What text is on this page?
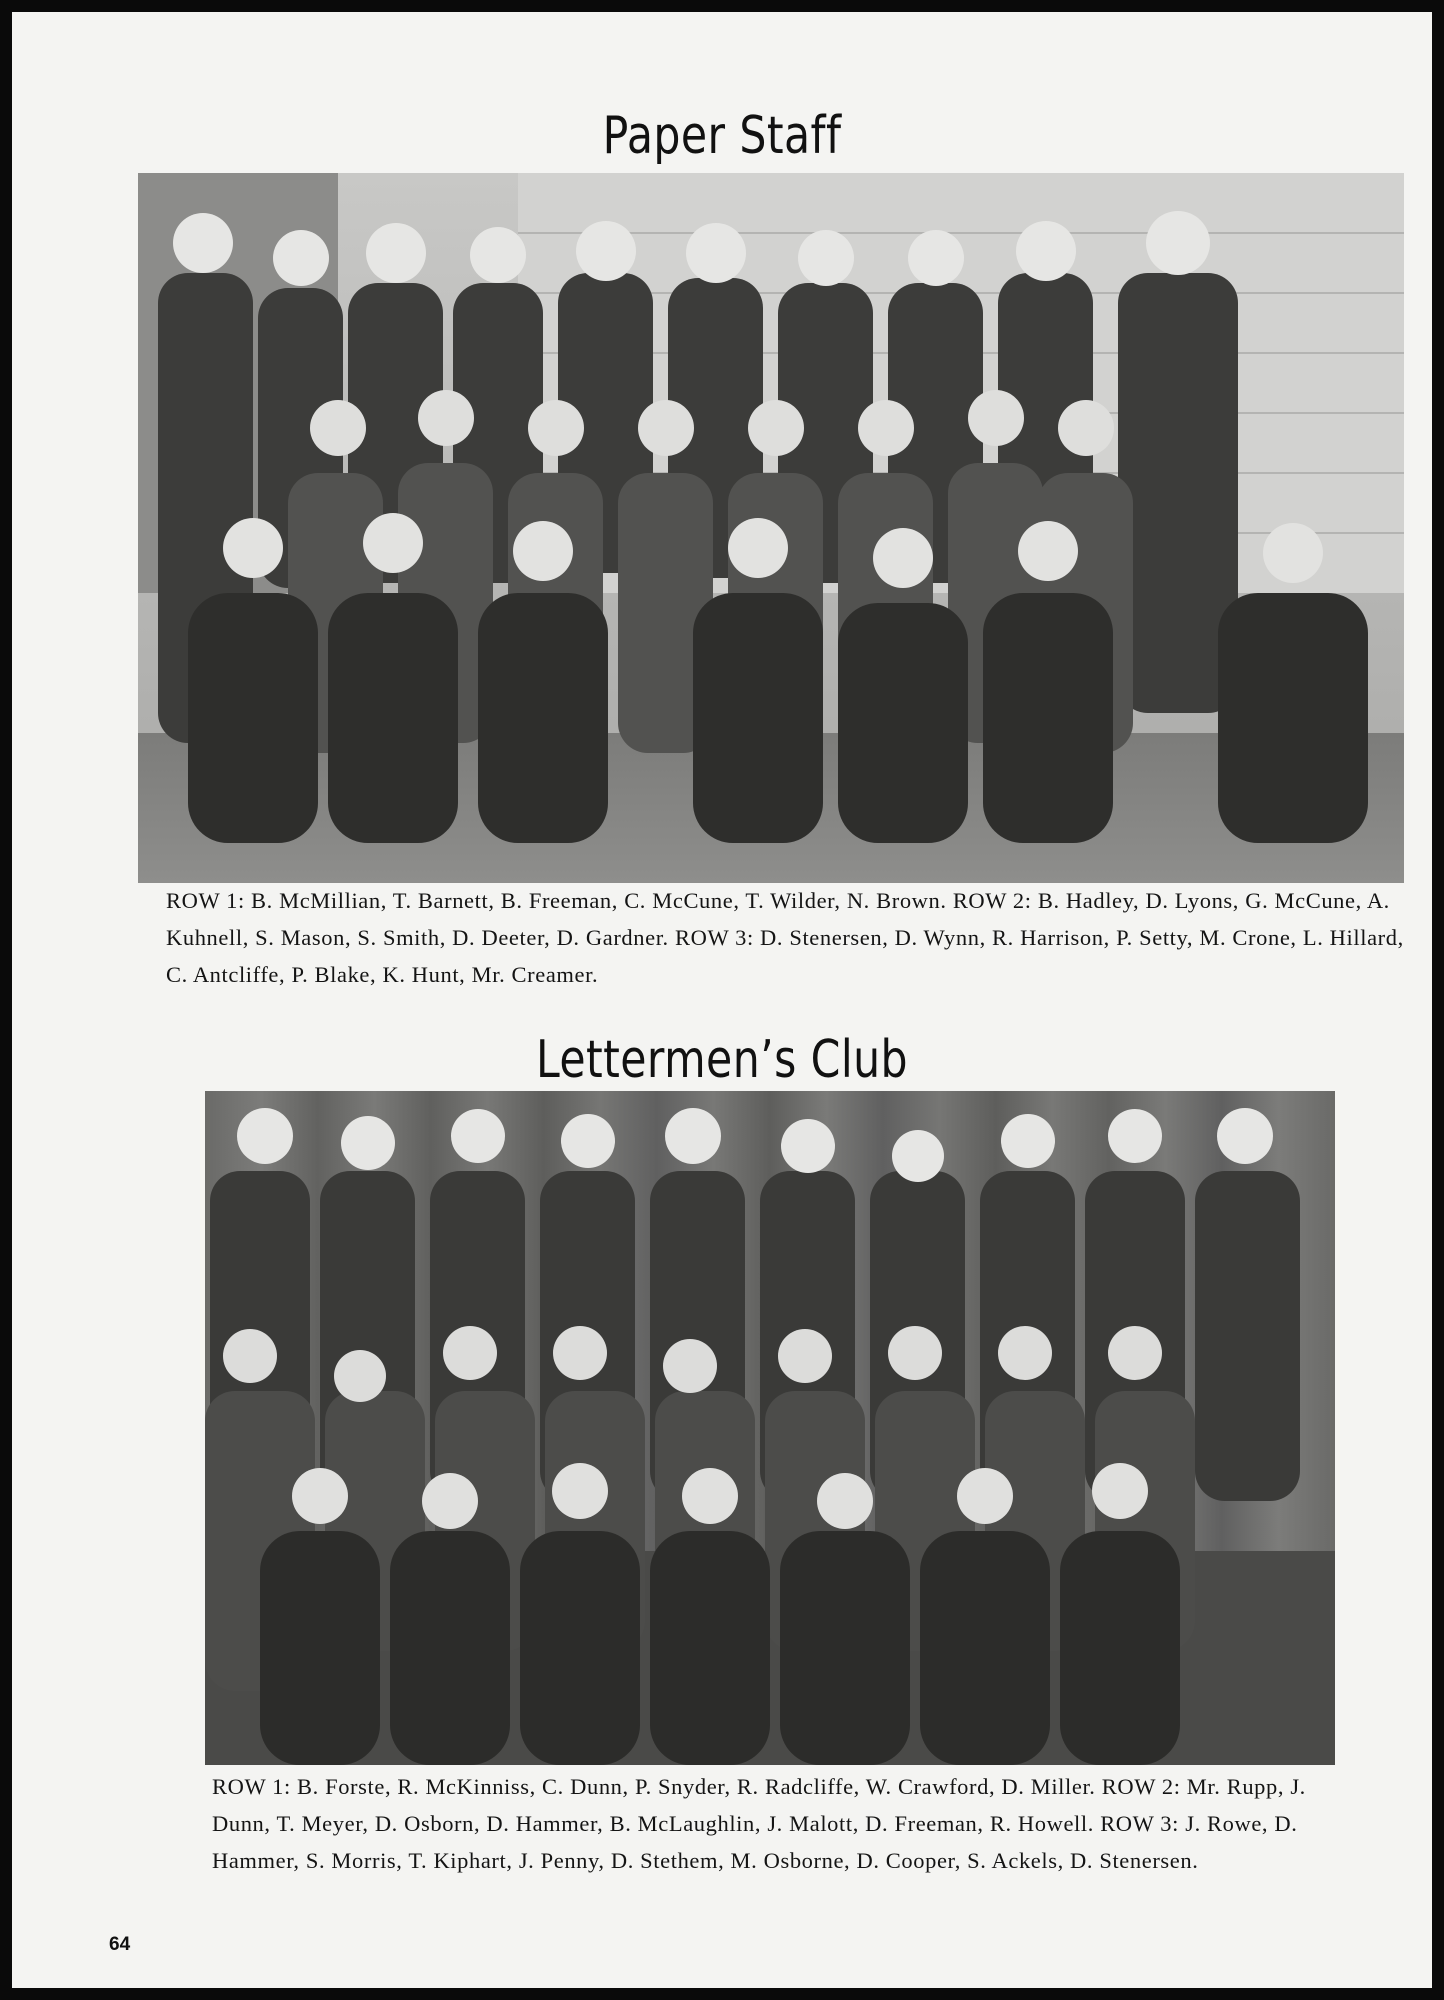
Paper Staff
ROW 1: B. McMillian, T. Barnett, B. Freeman, C. McCune, T. Wilder, N. Brown. ROW 2: B. Hadley, D. Lyons, G. McCune, A. Kuhnell, S. Mason, S. Smith, D. Deeter, D. Gardner. ROW 3: D. Stenersen, D. Wynn, R. Harrison, P. Setty, M. Crone, L. Hillard, C. Antcliffe, P. Blake, K. Hunt, Mr. Creamer.
Lettermen’s Club
ROW 1: B. Forste, R. McKinniss, C. Dunn, P. Snyder, R. Radcliffe, W. Crawford, D. Miller. ROW 2: Mr. Rupp, J. Dunn, T. Meyer, D. Osborn, D. Hammer, B. McLaughlin, J. Malott, D. Freeman, R. Howell. ROW 3: J. Rowe, D. Hammer, S. Morris, T. Kiphart, J. Penny, D. Stethem, M. Osborne, D. Cooper, S. Ackels, D. Stenersen.
64
